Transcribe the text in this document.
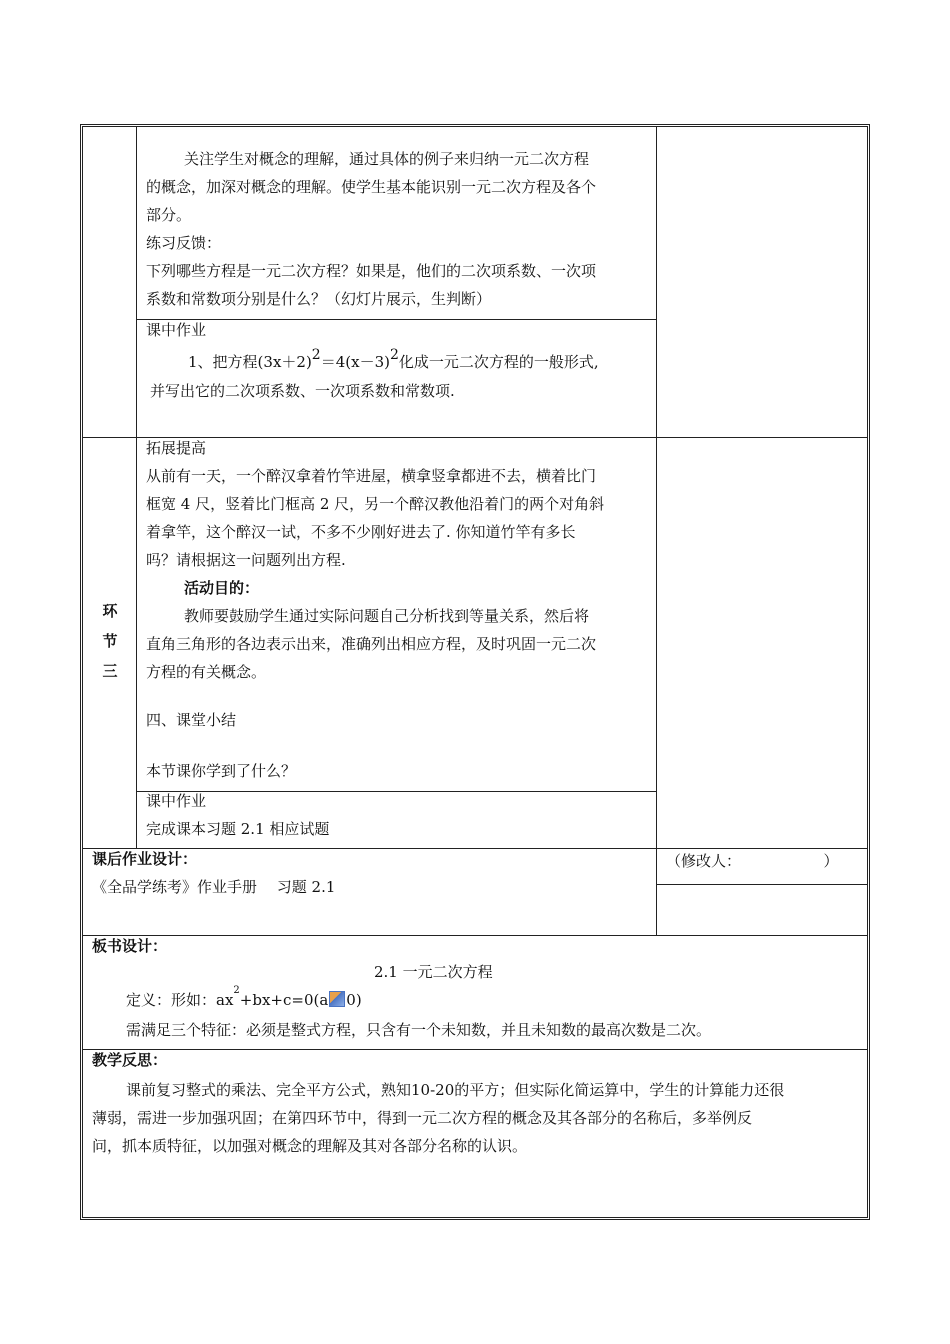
关注学生对概念的理解，通过具体的例子来归纳一元二次方程
的概念，加深对概念的理解。使学生基本能识别一元二次方程及各个
部分。
练习反馈：
下列哪些方程是一元二次方程？如果是，他们的二次项系数、一次项
系数和常数项分别是什么？（幻灯片展示，生判断）
课中作业
1、把方程(3x＋2)2＝4(x－3)2化成一元二次方程的一般形式,
并写出它的二次项系数、一次项系数和常数项.
环
节
三
拓展提高
从前有一天，一个醉汉拿着竹竿进屋，横拿竖拿都进不去，横着比门
框宽 4 尺，竖着比门框高 2 尺，另一个醉汉教他沿着门的两个对角斜
着拿竿，这个醉汉一试，不多不少刚好进去了. 你知道竹竿有多长
吗？请根据这一问题列出方程.
活动目的：
教师要鼓励学生通过实际问题自己分析找到等量关系，然后将
直角三角形的各边表示出来，准确列出相应方程，及时巩固一元二次
方程的有关概念。
四、课堂小结
本节课你学到了什么？
课中作业
完成课本习题 2.1 相应试题
课后作业设计：
《全品学练考》作业手册　 习题 2.1
（修改人：　　　　　　）
板书设计：
2.1 一元二次方程
定义：形如：$ax^2+bx+c=0(a$ 0)
需满足三个特征：必须是整式方程，只含有一个未知数，并且未知数的最高次数是二次。
教学反思：
课前复习整式的乘法、完全平方公式，熟知10-20的平方；但实际化简运算中，学生的计算能力还很
薄弱，需进一步加强巩固；在第四环节中，得到一元二次方程的概念及其各部分的名称后，多举例反
问，抓本质特征，以加强对概念的理解及其对各部分名称的认识。
